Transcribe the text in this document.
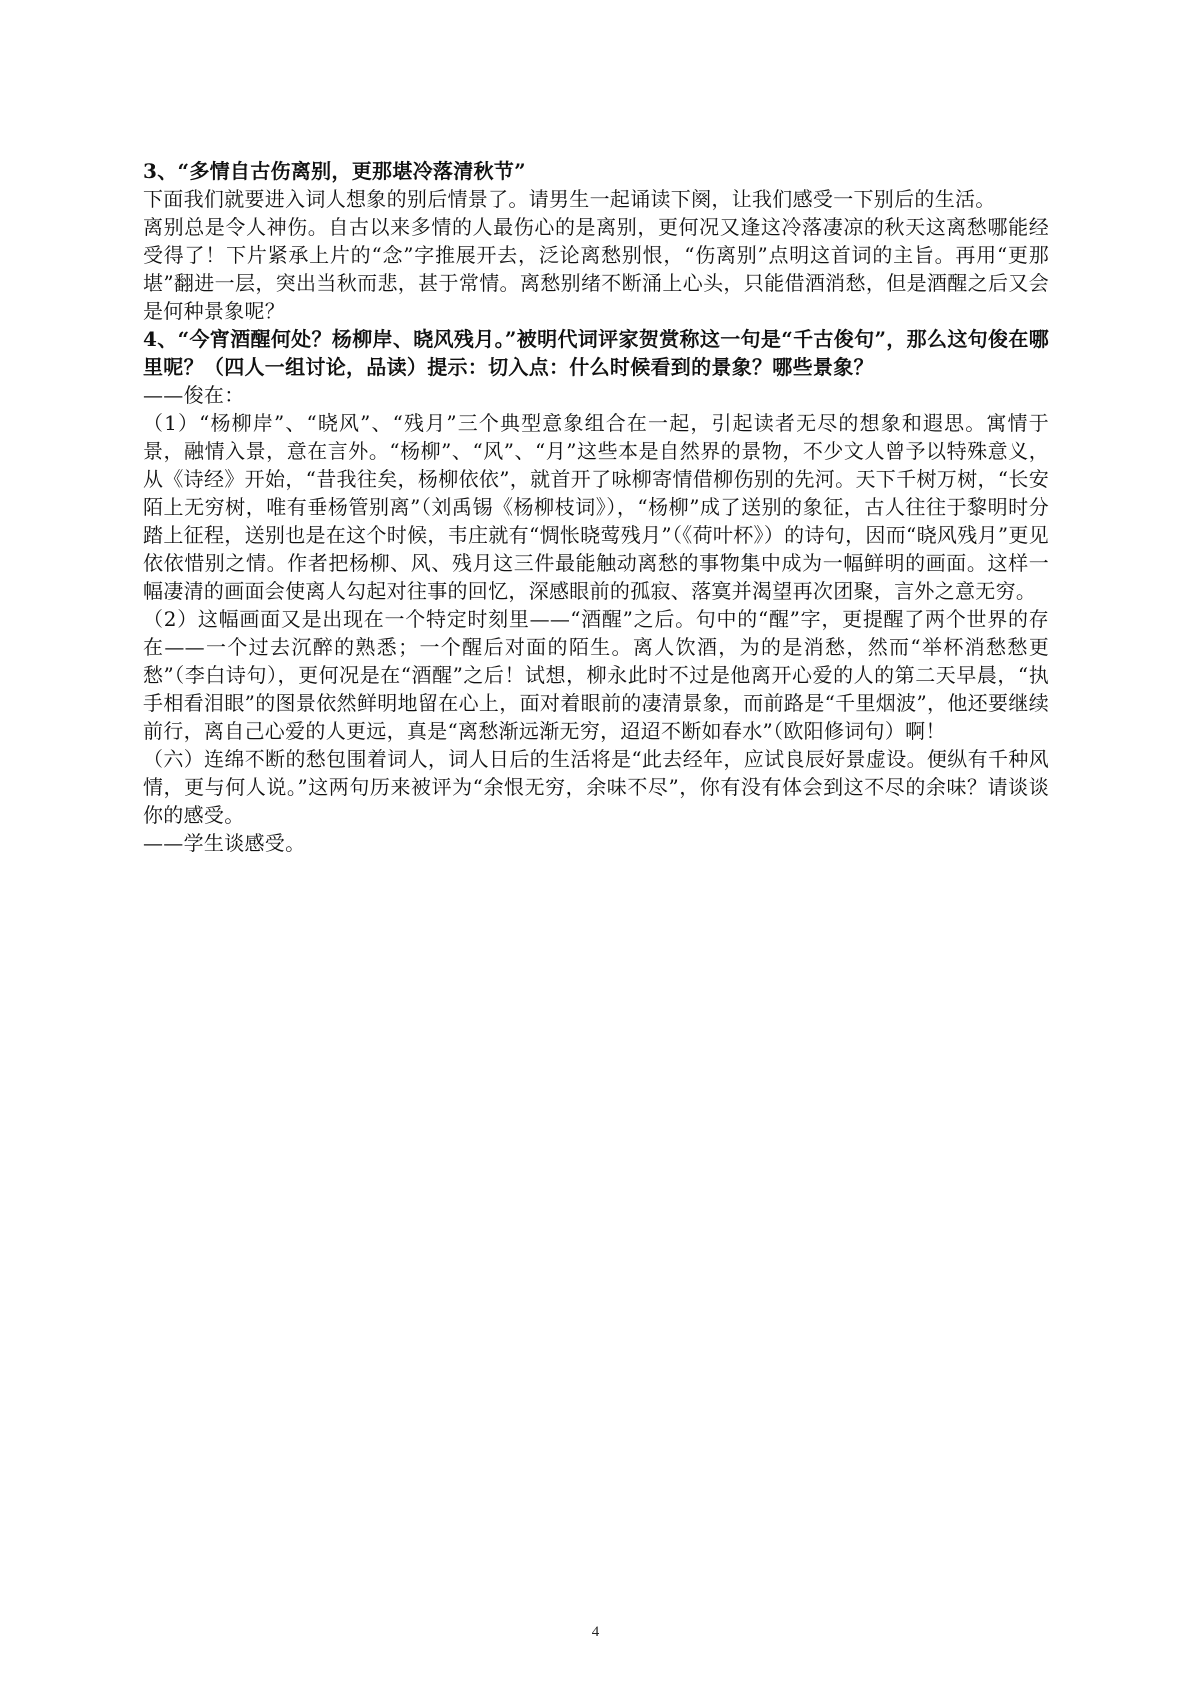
3、“多情自古伤离别，更那堪冷落清秋节”

下面我们就要进入词人想象的别后情景了。请男生一起诵读下阕，让我们感受一下别后的生活。

离别总是令人神伤。自古以来多情的人最伤心的是离别，更何况又逢这冷落凄凉的秋天这离愁哪能经受得了！下片紧承上片的“念”字推展开去，泛论离愁别恨，“伤离别”点明这首词的主旨。再用“更那堪”翻进一层，突出当秋而悲，甚于常情。离愁别绪不断涌上心头，只能借酒消愁，但是酒醒之后又会是何种景象呢？

4、“今宵酒醒何处？杨柳岸、晓风残月。”被明代词评家贺赏称这一句是“千古俊句”，那么这句俊在哪里呢？（四人一组讨论，品读）提示：切入点：什么时候看到的景象？哪些景象？

——俊在：

（1）“杨柳岸”、“晓风”、“残月”三个典型意象组合在一起，引起读者无尽的想象和遐思。寓情于景，融情入景，意在言外。“杨柳”、“风”、“月”这些本是自然界的景物，不少文人曾予以特殊意义，从《诗经》开始，“昔我往矣，杨柳依依”，就首开了咏柳寄情借柳伤别的先河。天下千树万树，“长安陌上无穷树，唯有垂杨管别离”（刘禹锡《杨柳枝词》），“杨柳”成了送别的象征，古人往往于黎明时分踏上征程，送别也是在这个时候，韦庄就有“惆怅晓莺残月”（《荷叶杯》）的诗句，因而“晓风残月”更见依依惜别之情。作者把杨柳、风、残月这三件最能触动离愁的事物集中成为一幅鲜明的画面。这样一幅凄清的画面会使离人勾起对往事的回忆，深感眼前的孤寂、落寞并渴望再次团聚，言外之意无穷。

（2）这幅画面又是出现在一个特定时刻里——“酒醒”之后。句中的“醒”字，更提醒了两个世界的存在——一个过去沉醉的熟悉；一个醒后对面的陌生。离人饮酒，为的是消愁，然而“举杯消愁愁更愁”（李白诗句），更何况是在“酒醒”之后！试想，柳永此时不过是他离开心爱的人的第二天早晨，“执手相看泪眼”的图景依然鲜明地留在心上，面对着眼前的凄清景象，而前路是“千里烟波”，他还要继续前行，离自己心爱的人更远，真是“离愁渐远渐无穷，迢迢不断如春水”（欧阳修词句）啊！

（六）连绵不断的愁包围着词人，词人日后的生活将是“此去经年，应试良辰好景虚设。便纵有千种风情，更与何人说。”这两句历来被评为“余恨无穷，余味不尽”，你有没有体会到这不尽的余味？请谈谈你的感受。

——学生谈感受。

4
